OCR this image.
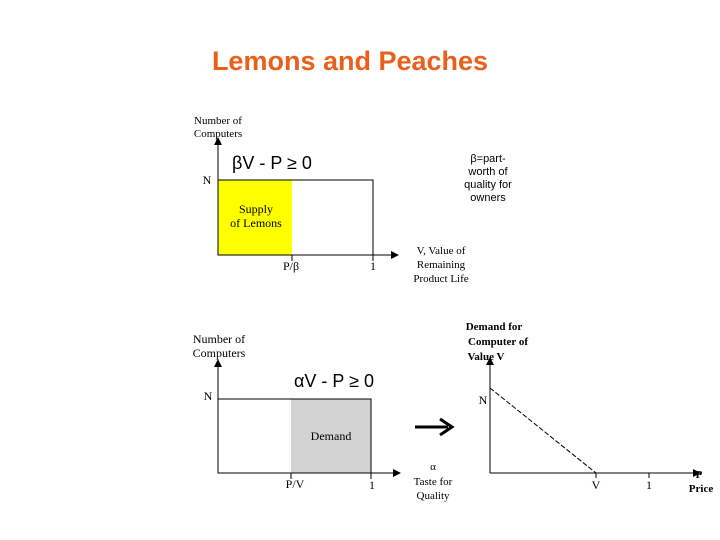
Lemons and Peaches
Number of
Computers
N
βV - P ≥ 0
Supply
of Lemons
P/β	1
V, Value of
Remaining
Product Life
β=part-
worth of
quality for
owners
Number of
Computers
N
αV - P ≥ 0
Demand
P/V	1
α
Taste for
Quality
Demand for
Computer of
Value V
N
V	1
P
Price
